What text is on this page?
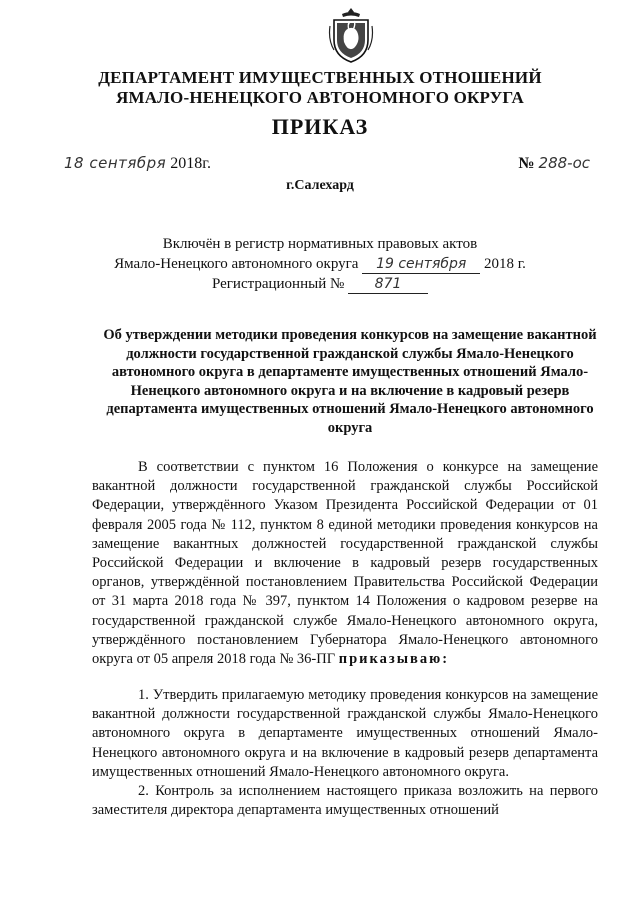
ДЕПАРТАМЕНТ ИМУЩЕСТВЕННЫХ ОТНОШЕНИЙ
ЯМАЛО-НЕНЕЦКОГО АВТОНОМНОГО ОКРУГА
ПРИКАЗ
18 сентября 2018г.	№ 288-ос
г.Салехард
Включён в регистр нормативных правовых актов
Ямало-Ненецкого автономного округа 19 сентября 2018 г.
Регистрационный № 871
Об утверждении методики проведения конкурсов на замещение вакантной должности государственной гражданской службы Ямало-Ненецкого автономного округа в департаменте имущественных отношений Ямало-Ненецкого автономного округа и на включение в кадровый резерв департамента имущественных отношений Ямало-Ненецкого автономного округа
В соответствии с пунктом 16 Положения о конкурсе на замещение вакантной должности государственной гражданской службы Российской Федерации, утверждённого Указом Президента Российской Федерации от 01 февраля 2005 года № 112, пунктом 8 единой методики проведения конкурсов на замещение вакантных должностей государственной гражданской службы Российской Федерации и включение в кадровый резерв государственных органов, утверждённой постановлением Правительства Российской Федерации от 31 марта 2018 года № 397, пунктом 14 Положения о кадровом резерве на государственной гражданской службе Ямало-Ненецкого автономного округа, утверждённого постановлением Губернатора Ямало-Ненецкого автономного округа от 05 апреля 2018 года № 36-ПГ приказываю:
1. Утвердить прилагаемую методику проведения конкурсов на замещение вакантной должности государственной гражданской службы Ямало-Ненецкого автономного округа в департаменте имущественных отношений Ямало-Ненецкого автономного округа и на включение в кадровый резерв департамента имущественных отношений Ямало-Ненецкого автономного округа.
2. Контроль за исполнением настоящего приказа возложить на первого заместителя директора департамента имущественных отношений
